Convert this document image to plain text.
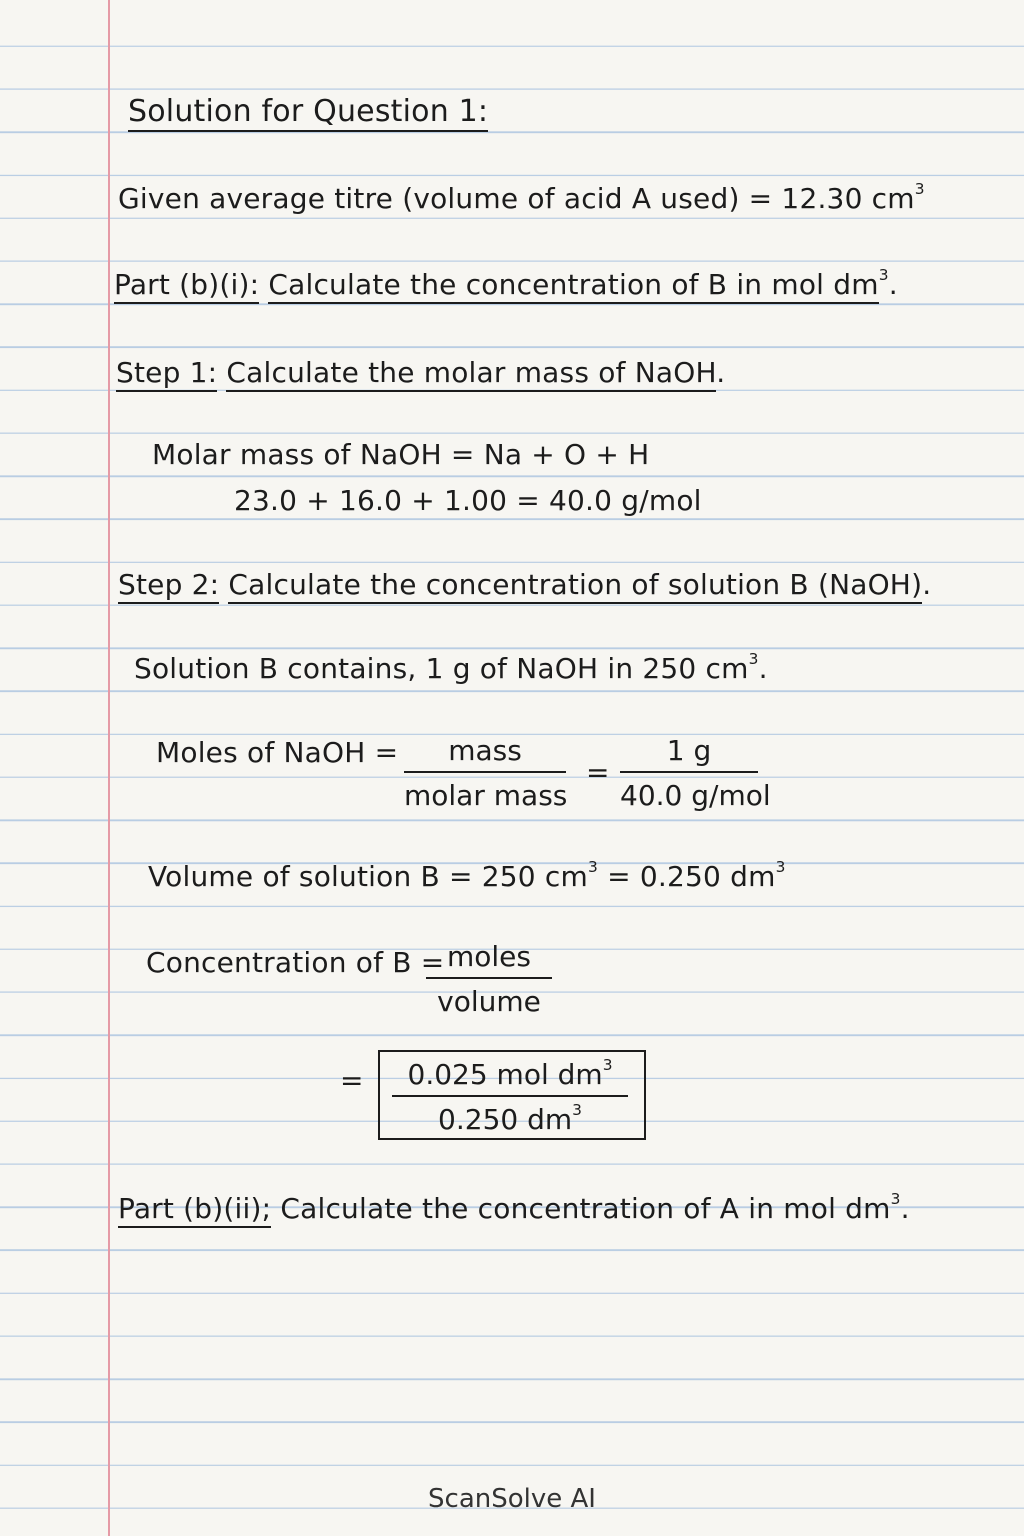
Solution for Question 1:
Given average titre (volume of acid A used) = 12.30 $cm^3$
Part (b)(i): Calculate the concentration of B in mol $dm^3$.
Step 1: Calculate the molar mass of NaOH.
Molar mass of NaOH = Na + O + H
23.0 + 16.0 + 1.00 = 40.0 g/mol
Step 2: Calculate the concentration of solution B (NaOH).
Solution B contains, 1 g of NaOH in 250 $cm^3$.
Moles of NaOH =	mass
molar mass
=
1 g
40.0 g/mol
Volume of solution B = 250 $cm^3 = 0.250$ $dm^3$
Concentration of B = moles
volume
=	0.025 mol $dm^3$
0.250 $dm^3$
Part (b)(ii); Calculate the concentration of A in mol $dm^3$.
ScanSolve AI
